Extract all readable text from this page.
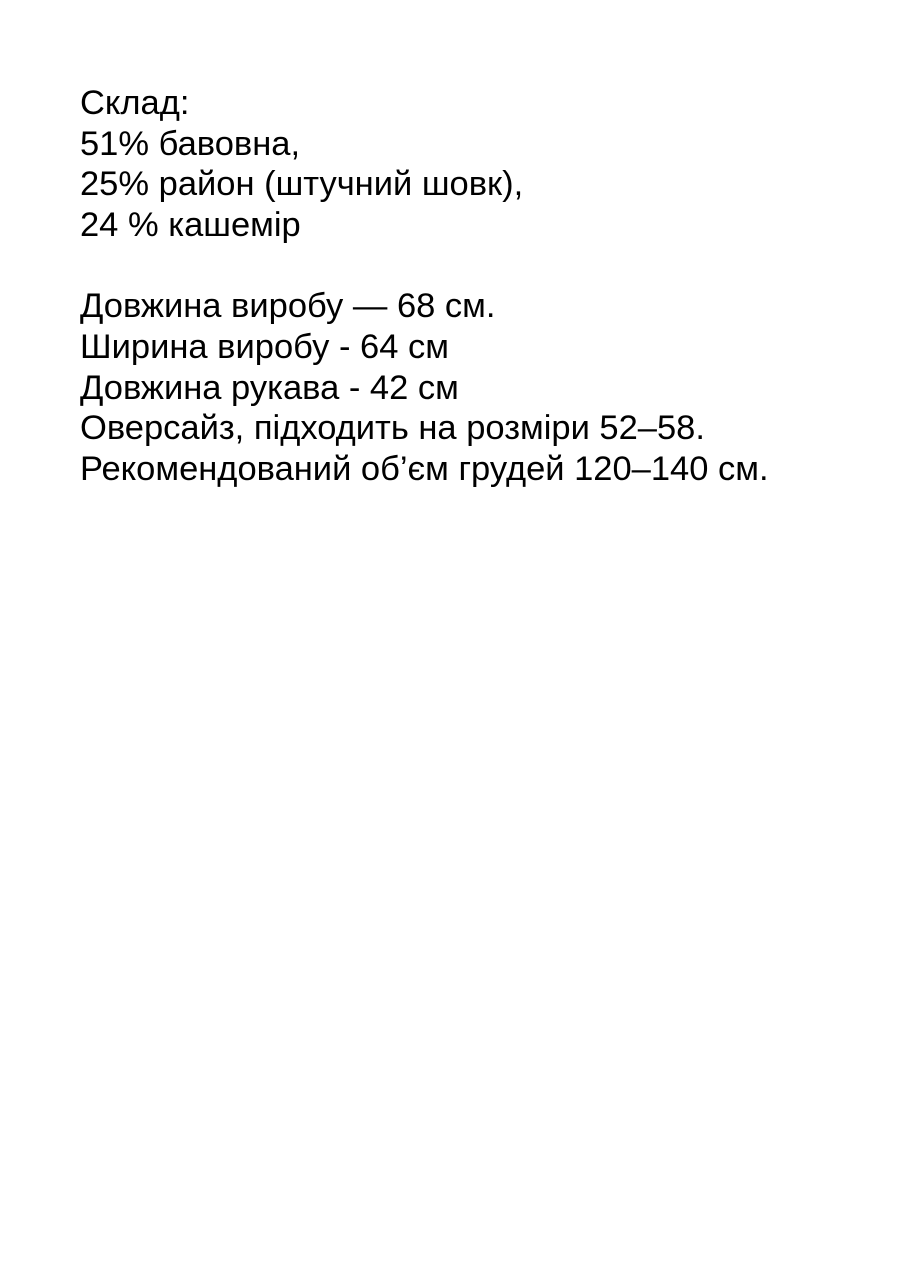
Склад:
51% бавовна,
25% район (штучний шовк),
24 % кашемір
Довжина виробу — 68 см.
Ширина виробу - 64 см
Довжина рукава - 42 см
Оверсайз, підходить на розміри 52–58.
Рекомендований об’єм грудей 120–140 см.
